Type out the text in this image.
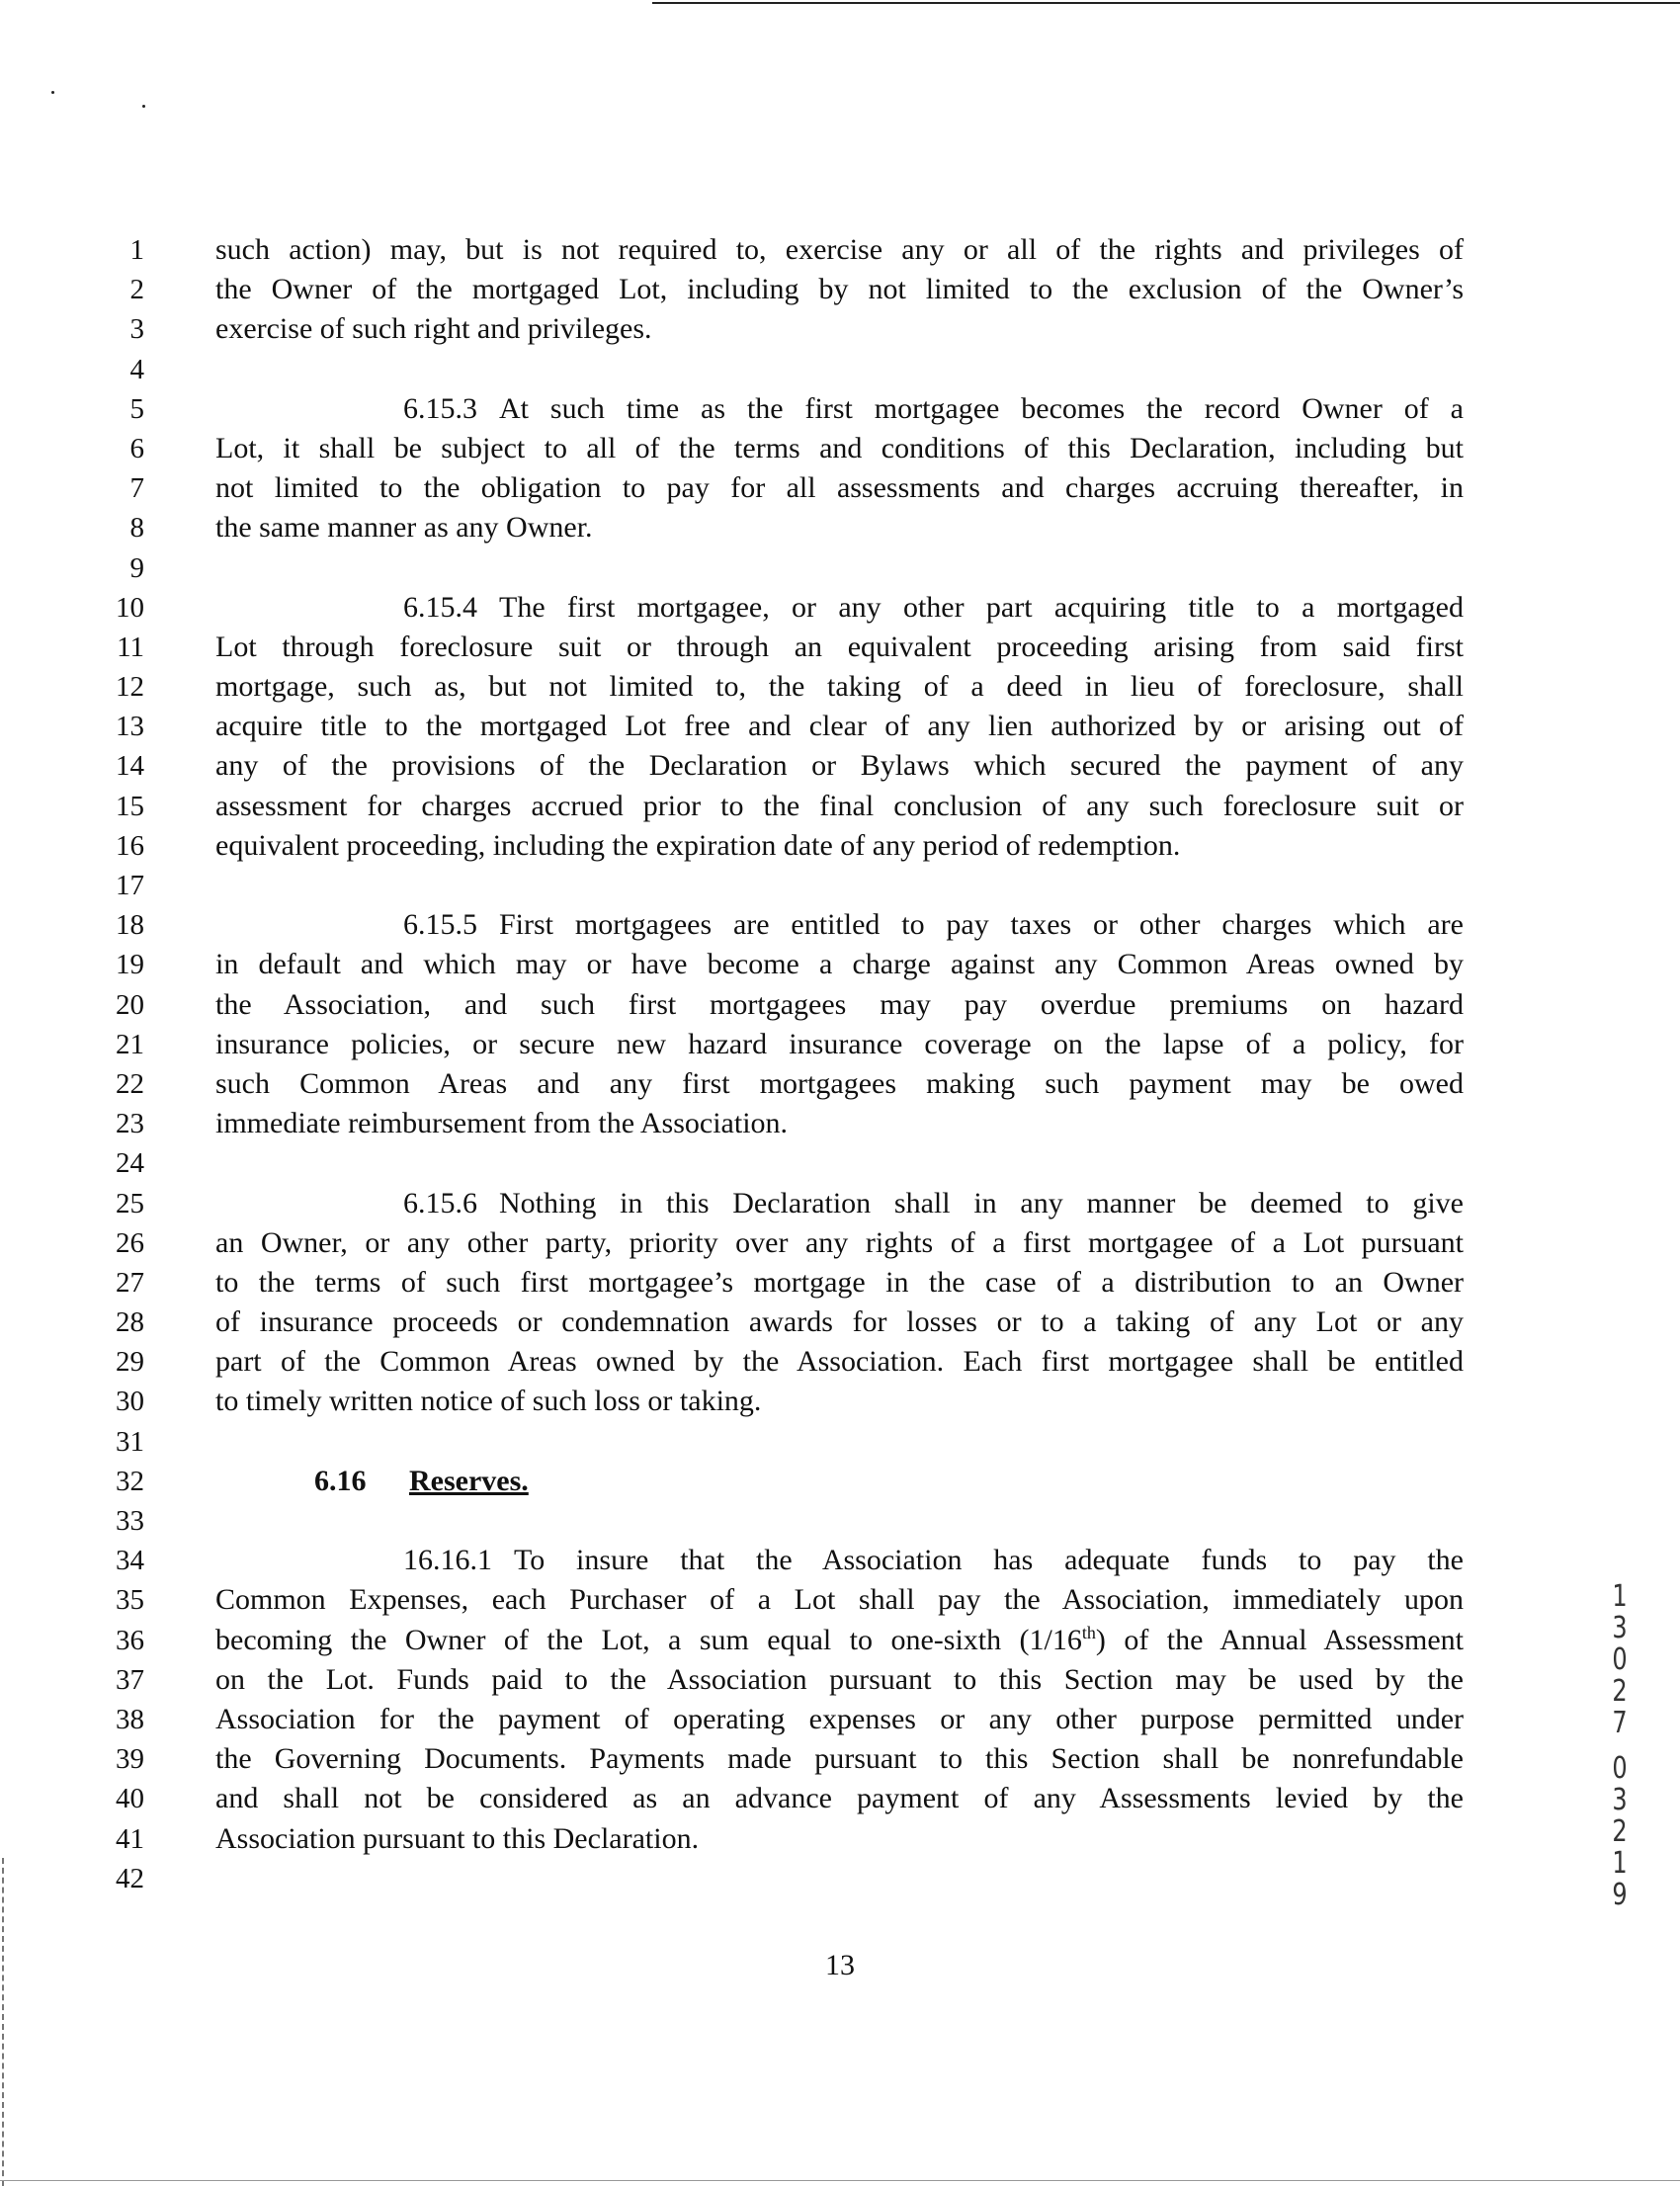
1
2
3
4
5
6
7
8
9
10
11
12
13
14
15
16
17
18
19
20
21
22
23
24
25
26
27
28
29
30
31
32
33
34
35
36
37
38
39
40
41
42
such action) may, but is not required to, exercise any or all of the rights and privileges of
the Owner of the mortgaged Lot, including by not limited to the exclusion of the Owner’s
exercise of such right and privileges.
6.15.3 At such time as the first mortgagee becomes the record Owner of a
Lot, it shall be subject to all of the terms and conditions of this Declaration, including but
not limited to the obligation to pay for all assessments and charges accruing thereafter, in
the same manner as any Owner.
6.15.4 The first mortgagee, or any other part acquiring title to a mortgaged
Lot through foreclosure suit or through an equivalent proceeding arising from said first
mortgage, such as, but not limited to, the taking of a deed in lieu of foreclosure, shall
acquire title to the mortgaged Lot free and clear of any lien authorized by or arising out of
any of the provisions of the Declaration or Bylaws which secured the payment of any
assessment for charges accrued prior to the final conclusion of any such foreclosure suit or
equivalent proceeding, including the expiration date of any period of redemption.
6.15.5 First mortgagees are entitled to pay taxes or other charges which are
in default and which may or have become a charge against any Common Areas owned by
the Association, and such first mortgagees may pay overdue premiums on hazard
insurance policies, or secure new hazard insurance coverage on the lapse of a policy, for
such Common Areas and any first mortgagees making such payment may be owed
immediate reimbursement from the Association.
6.15.6 Nothing in this Declaration shall in any manner be deemed to give
an Owner, or any other party, priority over any rights of a first mortgagee of a Lot pursuant
to the terms of such first mortgagee’s mortgage in the case of a distribution to an Owner
of insurance proceeds or condemnation awards for losses or to a taking of any Lot or any
part of the Common Areas owned by the Association. Each first mortgagee shall be entitled
to timely written notice of such loss or taking.
6.16 Reserves.
16.16.1 To insure that the Association has adequate funds to pay the
Common Expenses, each Purchaser of a Lot shall pay the Association, immediately upon
becoming the Owner of the Lot, a sum equal to one-sixth (1/16th) of the Annual Assessment
on the Lot. Funds paid to the Association pursuant to this Section may be used by the
Association for the payment of operating expenses or any other purpose permitted under
the Governing Documents. Payments made pursuant to this Section shall be nonrefundable
and shall not be considered as an advance payment of any Assessments levied by the
Association pursuant to this Declaration.
13
1
3
0
2
7
0
3
2
1
9
